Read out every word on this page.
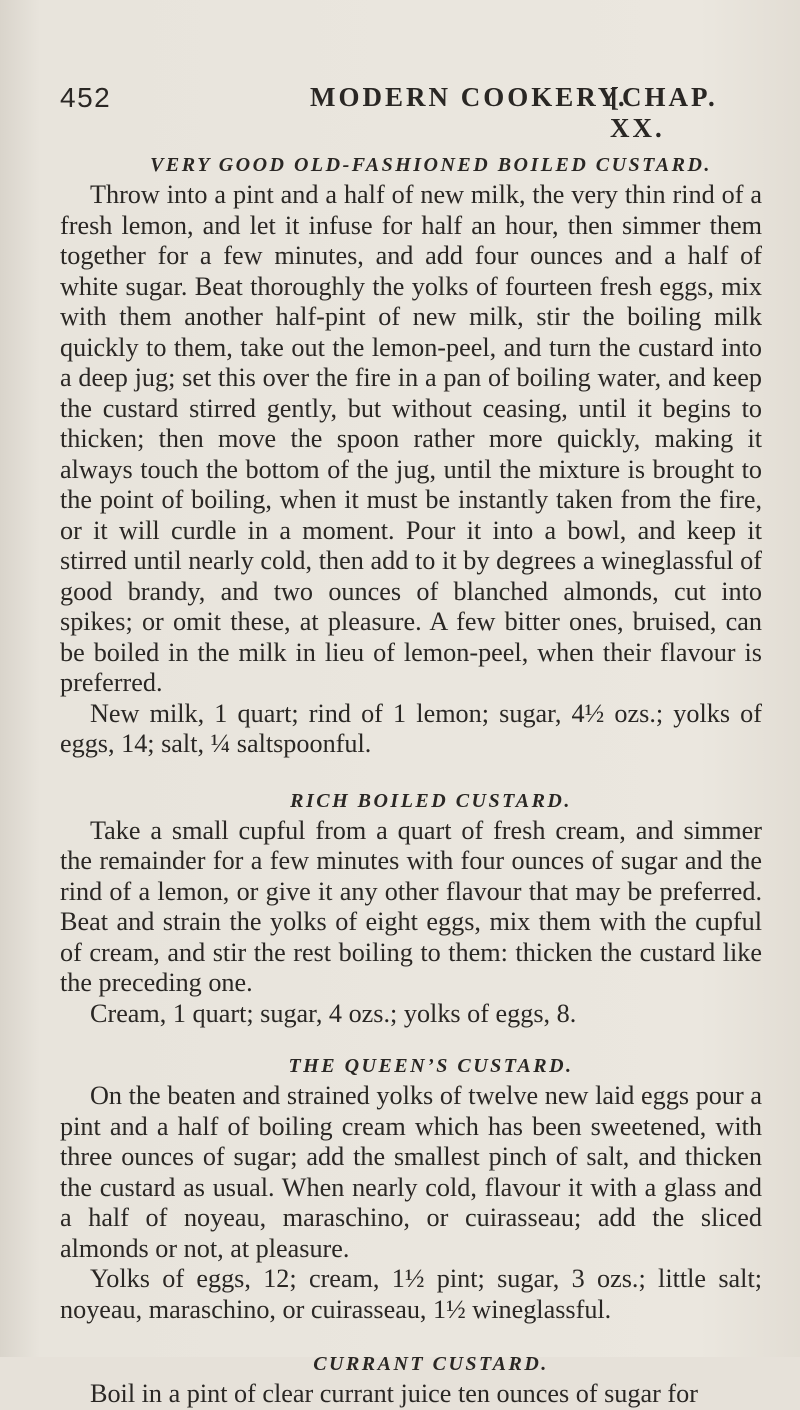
452	MODERN COOKERY.
[CHAP. XX.
VERY GOOD OLD-FASHIONED BOILED CUSTARD.

Throw into a pint and a half of new milk, the very thin rind of a fresh lemon, and let it infuse for half an hour, then simmer them together for a few minutes, and add four ounces and a half of white sugar. Beat thoroughly the yolks of fourteen fresh eggs, mix with them another half-pint of new milk, stir the boiling milk quickly to them, take out the lemon-peel, and turn the custard into a deep jug; set this over the fire in a pan of boiling water, and keep the custard stirred gently, but without ceasing, until it begins to thicken; then move the spoon rather more quickly, making it always touch the bottom of the jug, until the mixture is brought to the point of boiling, when it must be instantly taken from the fire, or it will curdle in a moment. Pour it into a bowl, and keep it stirred until nearly cold, then add to it by degrees a wineglassful of good brandy, and two ounces of blanched almonds, cut into spikes; or omit these, at pleasure. A few bitter ones, bruised, can be boiled in the milk in lieu of lemon-peel, when their flavour is preferred.

New milk, 1 quart; rind of 1 lemon; sugar, 4½ ozs.; yolks of eggs, 14; salt, ¼ saltspoonful.

RICH BOILED CUSTARD.

Take a small cupful from a quart of fresh cream, and simmer the remainder for a few minutes with four ounces of sugar and the rind of a lemon, or give it any other flavour that may be preferred. Beat and strain the yolks of eight eggs, mix them with the cupful of cream, and stir the rest boiling to them: thicken the custard like the preceding one.

Cream, 1 quart; sugar, 4 ozs.; yolks of eggs, 8.

THE QUEEN’S CUSTARD.

On the beaten and strained yolks of twelve new laid eggs pour a pint and a half of boiling cream which has been sweetened, with three ounces of sugar; add the smallest pinch of salt, and thicken the custard as usual. When nearly cold, flavour it with a glass and a half of noyeau, maraschino, or cuirasseau; add the sliced almonds or not, at pleasure.

Yolks of eggs, 12; cream, 1½ pint; sugar, 3 ozs.; little salt; noyeau, maraschino, or cuirasseau, 1½ wineglassful.

CURRANT CUSTARD.

Boil in a pint of clear currant juice ten ounces of sugar for
